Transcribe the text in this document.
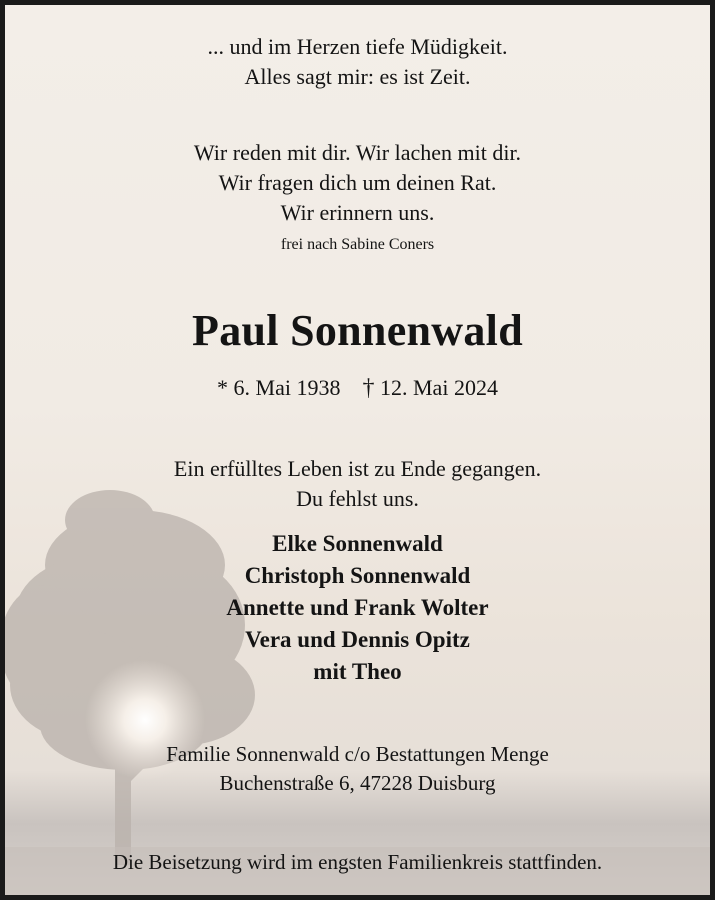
... und im Herzen tiefe Müdigkeit.
Alles sagt mir: es ist Zeit.
Wir reden mit dir. Wir lachen mit dir.
Wir fragen dich um deinen Rat.
Wir erinnern uns.
frei nach Sabine Coners
Paul Sonnenwald
* 6. Mai 1938 † 12. Mai 2024
Ein erfülltes Leben ist zu Ende gegangen.
Du fehlst uns.
Elke Sonnenwald
Christoph Sonnenwald
Annette und Frank Wolter
Vera und Dennis Opitz
mit Theo
Familie Sonnenwald c/o Bestattungen Menge
Buchenstraße 6, 47228 Duisburg
Die Beisetzung wird im engsten Familienkreis stattfinden.
